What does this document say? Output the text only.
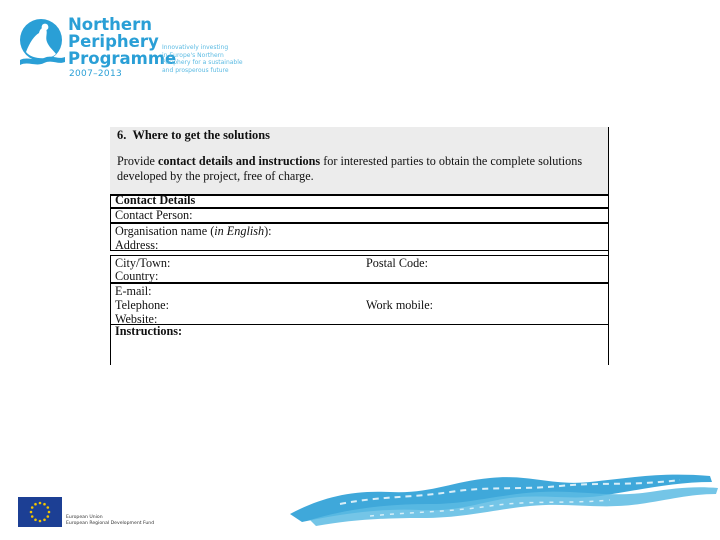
Northern
Periphery
Programme
2007–2013
Innovatively investing
in Europe's Northern
Periphery for a sustainable
and prosperous future
6.  Where to get the solutions
Provide contact details and instructions for interested parties to obtain the complete solutions developed by the project, free of charge.
Contact Details
Contact Person:
Organisation name (in English):
Address:
City/Town:	Postal Code:
Country:
E-mail:
Telephone:	Work mobile:
Website:
Instructions:
European Union
European Regional Development Fund
